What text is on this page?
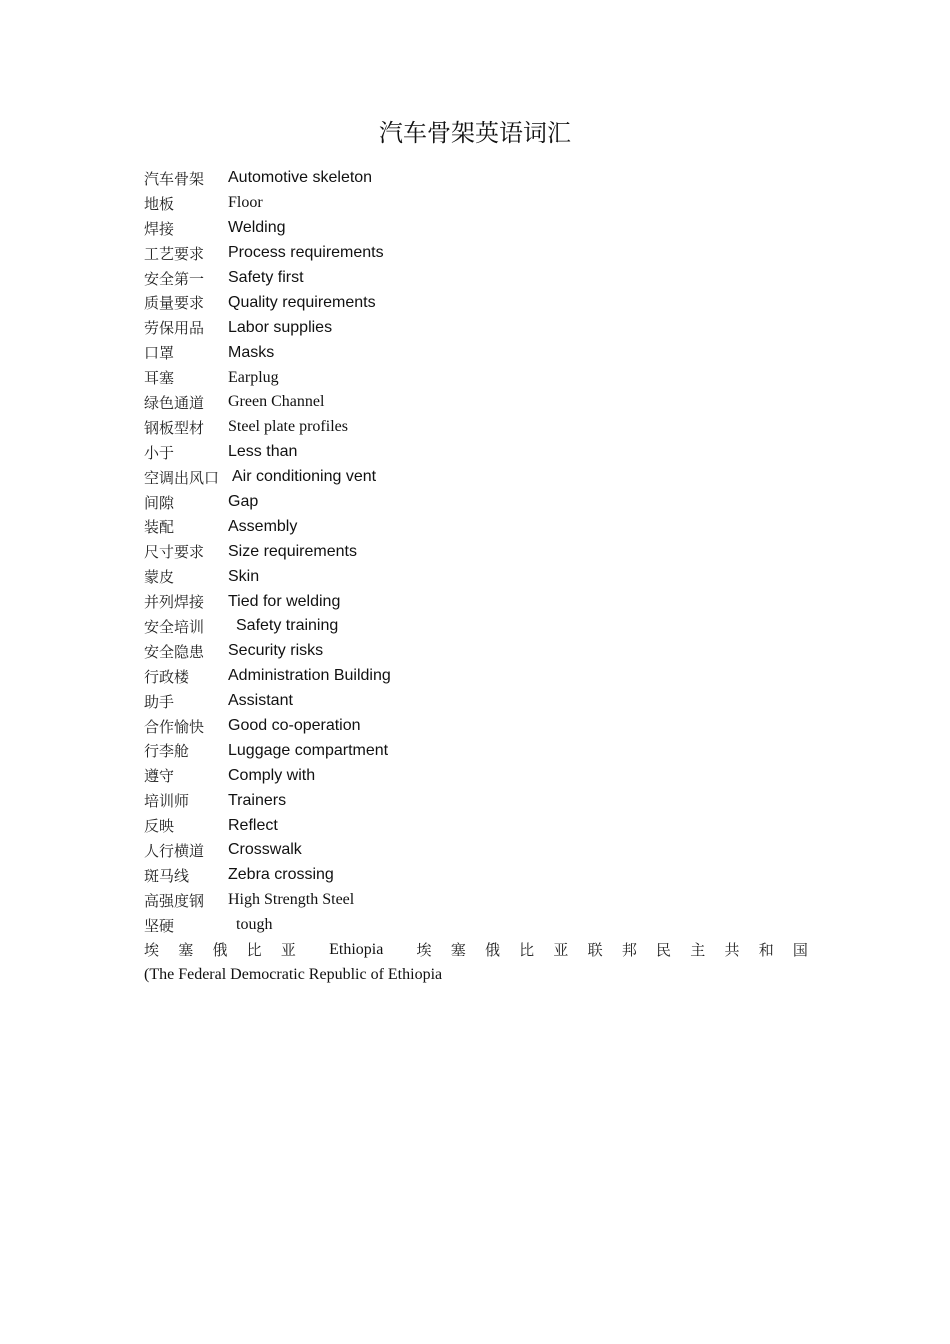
汽车骨架英语词汇
汽车骨架	Automotive skeleton
地板	Floor
焊接	Welding
工艺要求	Process requirements
安全第一	Safety first
质量要求	Quality requirements
劳保用品	Labor supplies
口罩	Masks
耳塞	Earplug
绿色通道	Green Channel
钢板型材	Steel plate profiles
小于	Less than
空调出风口 Air conditioning vent
间隙	Gap
装配	Assembly
尺寸要求	Size requirements
蒙皮	Skin
并列焊接	Tied for welding
安全培训	Safety training
安全隐患	Security risks
行政楼	Administration Building
助手	Assistant
合作愉快	Good co-operation
行李舱	Luggage compartment
遵守	Comply with
培训师	Trainers
反映	Reflect
人行横道	Crosswalk
斑马线	Zebra crossing
高强度钢	High Strength Steel
坚硬	tough
埃 塞 俄 比 亚 Ethiopia 埃 塞 俄 比 亚 联 邦 民 主 共 和 国
(The Federal Democratic Republic of Ethiopia
